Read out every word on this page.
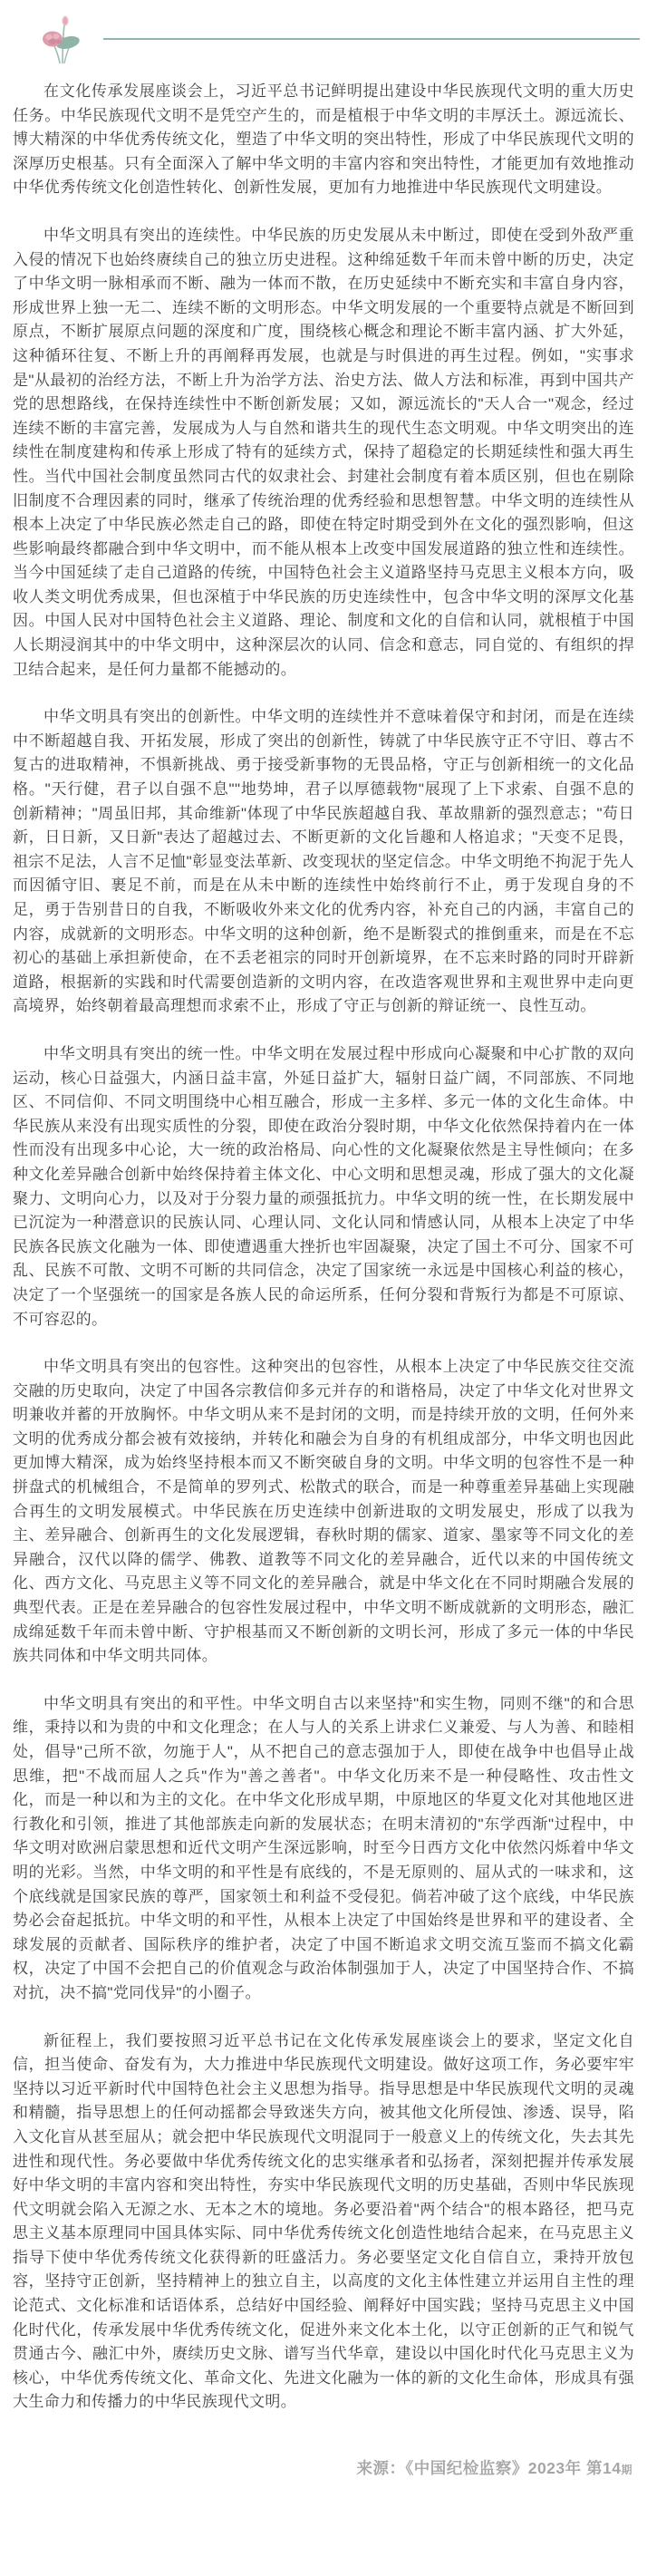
在文化传承发展座谈会上，习近平总书记鲜明提出建设中华民族现代文明的重大历史任务。中华民族现代文明不是凭空产生的，而是植根于中华文明的丰厚沃土。源远流长、博大精深的中华优秀传统文化，塑造了中华文明的突出特性，形成了中华民族现代文明的深厚历史根基。只有全面深入了解中华文明的丰富内容和突出特性，才能更加有效地推动中华优秀传统文化创造性转化、创新性发展，更加有力地推进中华民族现代文明建设。

中华文明具有突出的连续性。中华民族的历史发展从未中断过，即使在受到外敌严重入侵的情况下也始终赓续自己的独立历史进程。这种绵延数千年而未曾中断的历史，决定了中华文明一脉相承而不断、融为一体而不散，在历史延续中不断充实和丰富自身内容，形成世界上独一无二、连续不断的文明形态。中华文明发展的一个重要特点就是不断回到原点，不断扩展原点问题的深度和广度，围绕核心概念和理论不断丰富内涵、扩大外延，这种循环往复、不断上升的再阐释再发展，也就是与时俱进的再生过程。例如，"实事求是"从最初的治经方法，不断上升为治学方法、治史方法、做人方法和标准，再到中国共产党的思想路线，在保持连续性中不断创新发展；又如，源远流长的"天人合一"观念，经过连续不断的丰富完善，发展成为人与自然和谐共生的现代生态文明观。中华文明突出的连续性在制度建构和传承上形成了特有的延续方式，保持了超稳定的长期延续性和强大再生性。当代中国社会制度虽然同古代的奴隶社会、封建社会制度有着本质区别，但也在剔除旧制度不合理因素的同时，继承了传统治理的优秀经验和思想智慧。中华文明的连续性从根本上决定了中华民族必然走自己的路，即使在特定时期受到外在文化的强烈影响，但这些影响最终都融合到中华文明中，而不能从根本上改变中国发展道路的独立性和连续性。当今中国延续了走自己道路的传统，中国特色社会主义道路坚持马克思主义根本方向，吸收人类文明优秀成果，但也深植于中华民族的历史连续性中，包含中华文明的深厚文化基因。中国人民对中国特色社会主义道路、理论、制度和文化的自信和认同，就根植于中国人长期浸润其中的中华文明中，这种深层次的认同、信念和意志，同自觉的、有组织的捍卫结合起来，是任何力量都不能撼动的。

中华文明具有突出的创新性。中华文明的连续性并不意味着保守和封闭，而是在连续中不断超越自我、开拓发展，形成了突出的创新性，铸就了中华民族守正不守旧、尊古不复古的进取精神，不惧新挑战、勇于接受新事物的无畏品格，守正与创新相统一的文化品格。"天行健，君子以自强不息""地势坤，君子以厚德载物"展现了上下求索、自强不息的创新精神；"周虽旧邦，其命维新"体现了中华民族超越自我、革故鼎新的强烈意志；"苟日新，日日新，又日新"表达了超越过去、不断更新的文化旨趣和人格追求；"天变不足畏，祖宗不足法，人言不足恤"彰显变法革新、改变现状的坚定信念。中华文明绝不拘泥于先人而因循守旧、裹足不前，而是在从未中断的连续性中始终前行不止，勇于发现自身的不足，勇于告别昔日的自我，不断吸收外来文化的优秀内容，补充自己的内涵，丰富自己的内容，成就新的文明形态。中华文明的这种创新，绝不是断裂式的推倒重来，而是在不忘初心的基础上承担新使命，在不丢老祖宗的同时开创新境界，在不忘来时路的同时开辟新道路，根据新的实践和时代需要创造新的文明内容，在改造客观世界和主观世界中走向更高境界，始终朝着最高理想而求索不止，形成了守正与创新的辩证统一、良性互动。

中华文明具有突出的统一性。中华文明在发展过程中形成向心凝聚和中心扩散的双向运动，核心日益强大，内涵日益丰富，外延日益扩大，辐射日益广阔，不同部族、不同地区、不同信仰、不同文明围绕中心相互融合，形成一主多样、多元一体的文化生命体。中华民族从来没有出现实质性的分裂，即使在政治分裂时期，中华文化依然保持着内在一体性而没有出现多中心论，大一统的政治格局、向心性的文化凝聚依然是主导性倾向；在多种文化差异融合创新中始终保持着主体文化、中心文明和思想灵魂，形成了强大的文化凝聚力、文明向心力，以及对于分裂力量的顽强抵抗力。中华文明的统一性，在长期发展中已沉淀为一种潜意识的民族认同、心理认同、文化认同和情感认同，从根本上决定了中华民族各民族文化融为一体、即使遭遇重大挫折也牢固凝聚，决定了国土不可分、国家不可乱、民族不可散、文明不可断的共同信念，决定了国家统一永远是中国核心利益的核心，决定了一个坚强统一的国家是各族人民的命运所系，任何分裂和背叛行为都是不可原谅、不可容忍的。

中华文明具有突出的包容性。这种突出的包容性，从根本上决定了中华民族交往交流交融的历史取向，决定了中国各宗教信仰多元并存的和谐格局，决定了中华文化对世界文明兼收并蓄的开放胸怀。中华文明从来不是封闭的文明，而是持续开放的文明，任何外来文明的优秀成分都会被有效接纳，并转化和融会为自身的有机组成部分，中华文明也因此更加博大精深，成为始终坚持根本而又不断突破自身的文明。中华文明的包容性不是一种拼盘式的机械组合，不是简单的罗列式、松散式的联合，而是一种尊重差异基础上实现融合再生的文明发展模式。中华民族在历史连续中创新进取的文明发展史，形成了以我为主、差异融合、创新再生的文化发展逻辑，春秋时期的儒家、道家、墨家等不同文化的差异融合，汉代以降的儒学、佛教、道教等不同文化的差异融合，近代以来的中国传统文化、西方文化、马克思主义等不同文化的差异融合，就是中华文化在不同时期融合发展的典型代表。正是在差异融合的包容性发展过程中，中华文明不断成就新的文明形态，融汇成绵延数千年而未曾中断、守护根基而又不断创新的文明长河，形成了多元一体的中华民族共同体和中华文明共同体。

中华文明具有突出的和平性。中华文明自古以来坚持"和实生物，同则不继"的和合思维，秉持以和为贵的中和文化理念；在人与人的关系上讲求仁义兼爱、与人为善、和睦相处，倡导"己所不欲，勿施于人"，从不把自己的意志强加于人，即使在战争中也倡导止战思维，把"不战而屈人之兵"作为"善之善者"。中华文化历来不是一种侵略性、攻击性文化，而是一种以和为主的文化。在中华文化形成早期，中原地区的华夏文化对其他地区进行教化和引领，推进了其他部族走向新的发展状态；在明末清初的"东学西渐"过程中，中华文明对欧洲启蒙思想和近代文明产生深远影响，时至今日西方文化中依然闪烁着中华文明的光彩。当然，中华文明的和平性是有底线的，不是无原则的、屈从式的一味求和，这个底线就是国家民族的尊严，国家领土和利益不受侵犯。倘若冲破了这个底线，中华民族势必会奋起抵抗。中华文明的和平性，从根本上决定了中国始终是世界和平的建设者、全球发展的贡献者、国际秩序的维护者，决定了中国不断追求文明交流互鉴而不搞文化霸权，决定了中国不会把自己的价值观念与政治体制强加于人，决定了中国坚持合作、不搞对抗，决不搞"党同伐异"的小圈子。

新征程上，我们要按照习近平总书记在文化传承发展座谈会上的要求，坚定文化自信，担当使命、奋发有为，大力推进中华民族现代文明建设。做好这项工作，务必要牢牢坚持以习近平新时代中国特色社会主义思想为指导。指导思想是中华民族现代文明的灵魂和精髓，指导思想上的任何动摇都会导致迷失方向，被其他文化所侵蚀、渗透、误导，陷入文化盲从甚至屈从；就会把中华民族现代文明混同于一般意义上的传统文化，失去其先进性和现代性。务必要做中华优秀传统文化的忠实继承者和弘扬者，深刻把握并传承发展好中华文明的丰富内容和突出特性，夯实中华民族现代文明的历史基础，否则中华民族现代文明就会陷入无源之水、无本之木的境地。务必要沿着"两个结合"的根本路径，把马克思主义基本原理同中国具体实际、同中华优秀传统文化创造性地结合起来，在马克思主义指导下使中华优秀传统文化获得新的旺盛活力。务必要坚定文化自信自立，秉持开放包容，坚持守正创新，坚持精神上的独立自主，以高度的文化主体性建立并运用自主性的理论范式、文化标准和话语体系，总结好中国经验、阐释好中国实践；坚持马克思主义中国化时代化，传承发展中华优秀传统文化，促进外来文化本土化，以守正创新的正气和锐气贯通古今、融汇中外，赓续历史文脉、谱写当代华章，建设以中国化时代化马克思主义为核心，中华优秀传统文化、革命文化、先进文化融为一体的新的文化生命体，形成具有强大生命力和传播力的中华民族现代文明。

来源：《中国纪检监察》2023年 第14期
